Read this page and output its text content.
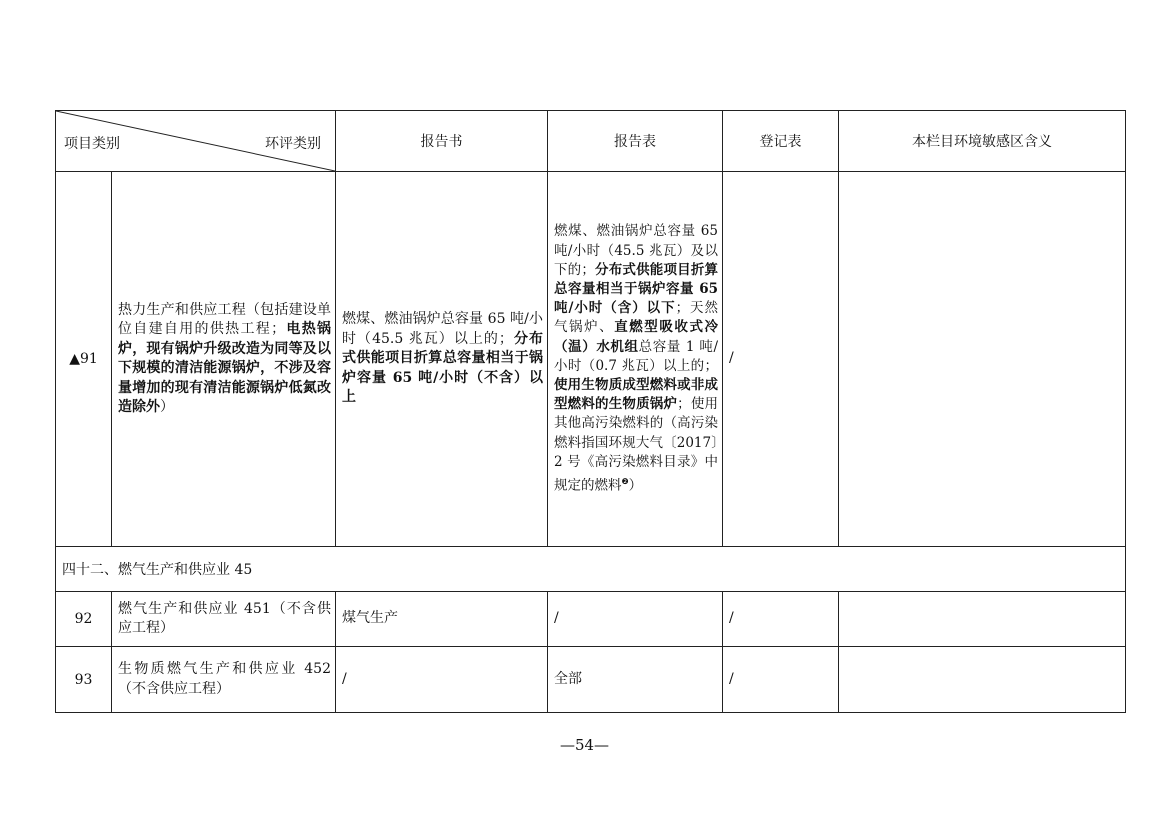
项目类别 环评类别		报告书	报告表	登记表	本栏目环境敏感区含义
▲91	热力生产和供应工程（包括建设单位自建自用的供热工程；电热锅炉，现有锅炉升级改造为同等及以下规模的清洁能源锅炉，不涉及容量增加的现有清洁能源锅炉低氮改造除外）	燃煤、燃油锅炉总容量 65 吨/小时（45.5 兆瓦）以上的；分布式供能项目折算总容量相当于锅炉容量 65 吨/小时（不含）以上	燃煤、燃油锅炉总容量 65 吨/小时（45.5 兆瓦）及以下的；分布式供能项目折算总容量相当于锅炉容量 65 吨/小时（含）以下；天然气锅炉、直燃型吸收式冷（温）水机组总容量 1 吨/小时（0.7 兆瓦）以上的；使用生物质成型燃料或非成型燃料的生物质锅炉；使用其他高污染燃料的（高污染燃料指国环规大气〔2017〕2 号《高污染燃料目录》中规定的燃料$^❷$）	/	
四十二、燃气生产和供应业 45					
92	燃气生产和供应业 451（不含供应工程）	煤气生产	/	/	
93	生物质燃气生产和供应业 452（不含供应工程）	/	全部	/	
—54—
